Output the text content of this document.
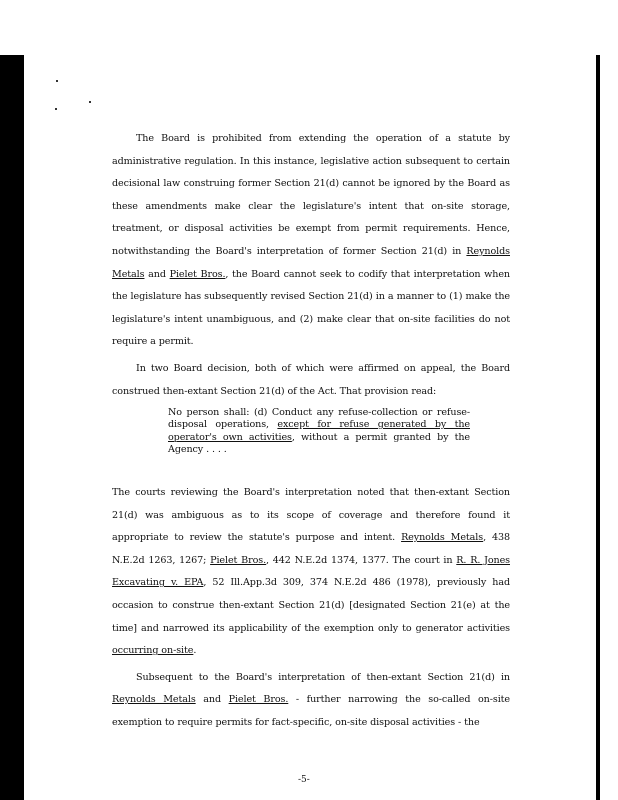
The Board is prohibited from extending the operation of a statute by administrative regulation. In this instance, legislative action subsequent to certain decisional law construing former Section 21(d) cannot be ignored by the Board as these amendments make clear the legislature's intent that on-site storage, treatment, or disposal activities be exempt from permit requirements. Hence, notwithstanding the Board's interpretation of former Section 21(d) in Reynolds Metals and Pielet Bros., the Board cannot seek to codify that interpretation when the legislature has subsequently revised Section 21(d) in a manner to (1) make the legislature's intent unambiguous, and (2) make clear that on-site facilities do not require a permit.

In two Board decision, both of which were affirmed on appeal, the Board construed then-extant Section 21(d) of the Act. That provision read:

No person shall: (d) Conduct any refuse-collection or refuse-disposal operations, except for refuse generated by the operator's own activities, without a permit granted by the Agency . . . .

The courts reviewing the Board's interpretation noted that then-extant Section 21(d) was ambiguous as to its scope of coverage and therefore found it appropriate to review the statute's purpose and intent. Reynolds Metals, 438 N.E.2d 1263, 1267; Pielet Bros., 442 N.E.2d 1374, 1377. The court in R. R. Jones Excavating v. EPA, 52 Ill.App.3d 309, 374 N.E.2d 486 (1978), previously had occasion to construe then-extant Section 21(d) [designated Section 21(e) at the time] and narrowed its applicability of the exemption only to generator activities occurring on-site.

Subsequent to the Board's interpretation of then-extant Section 21(d) in Reynolds Metals and Pielet Bros. - further narrowing the so-called on-site exemption to require permits for fact-specific, on-site disposal activities - the

-5-
